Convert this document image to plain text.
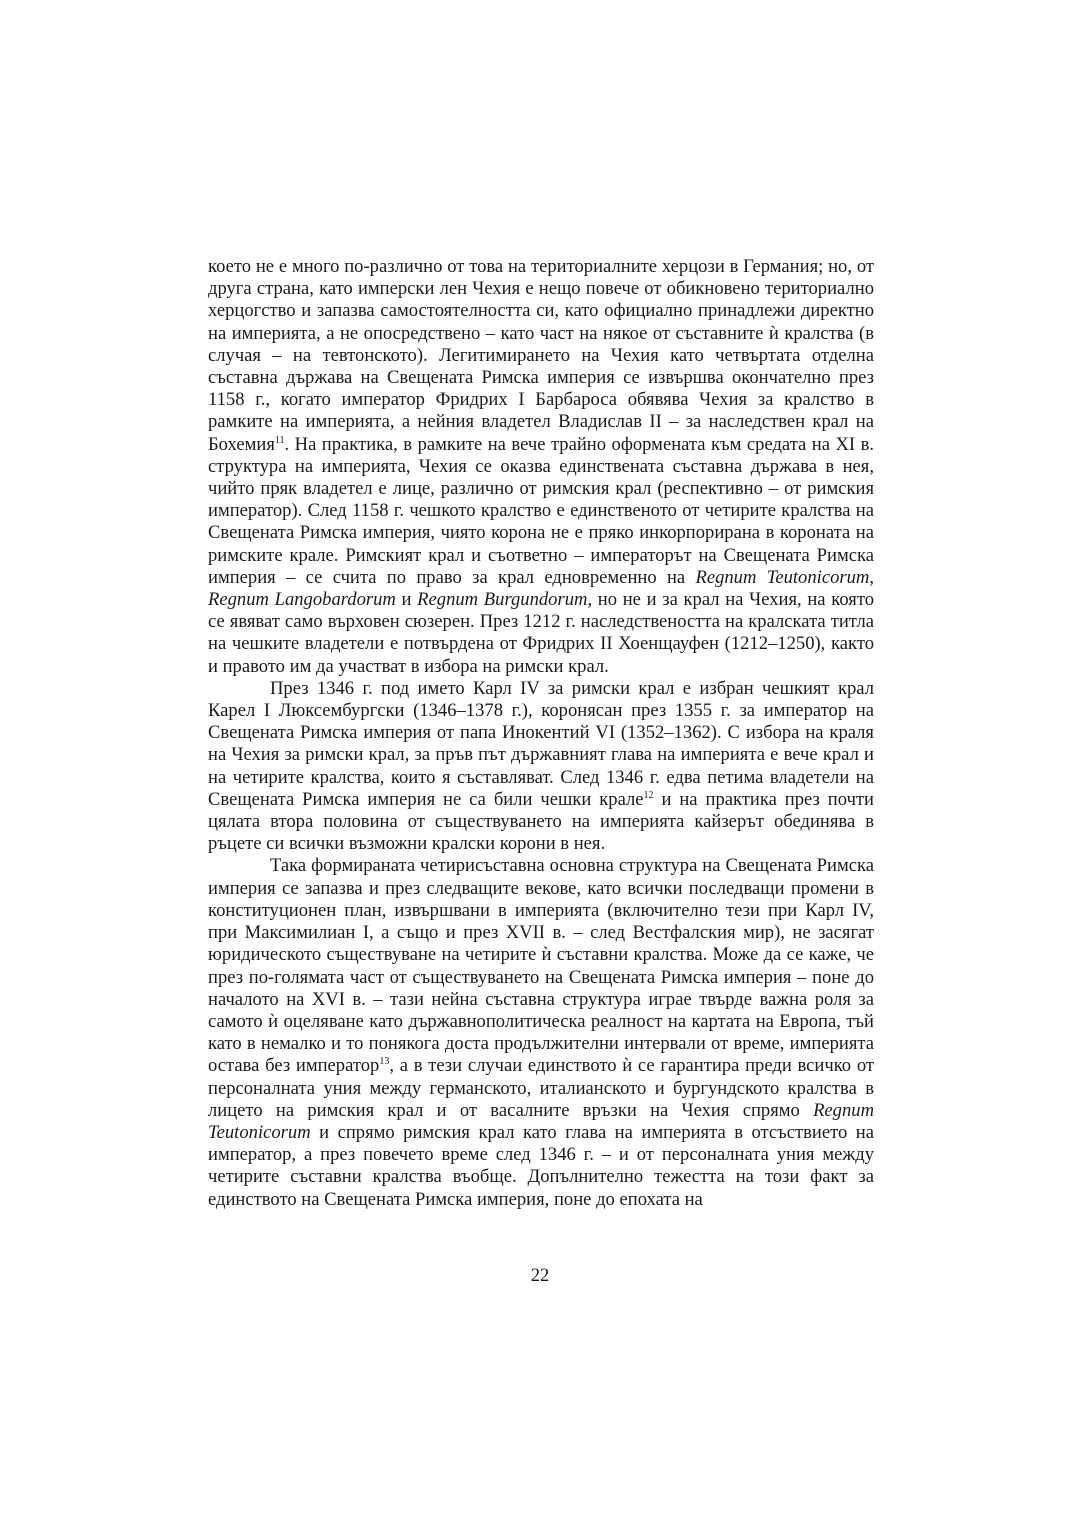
което не е много по-различно от това на териториалните херцози в Германия; но, от друга страна, като имперски лен Чехия е нещо повече от обикновено териториално херцогство и запазва самостоятелността си, като официално принадлежи директно на империята, а не опосредствено – като част на някое от съставните ѝ кралства (в случая – на тевтонското). Легитимирането на Чехия като четвъртата отделна съставна държава на Свещената Римска империя се извършва окончателно през 1158 г., когато император Фридрих I Барбароса обявява Чехия за кралство в рамките на империята, а нейния владетел Владислав II – за наследствен крал на Бохемия$^{11}$. На практика, в рамките на вече трайно оформената към средата на XI в. структура на империята, Чехия се оказва единствената съставна държава в нея, чийто пряк владетел е лице, различно от римския крал (респективно – от римския император). След 1158 г. чешкото кралство е единственото от четирите кралства на Свещената Римска империя, чиято корона не е пряко инкорпорирана в короната на римските крале. Римският крал и съответно – императорът на Свещената Римска империя – се счита по право за крал едновременно на Regnum Teutonicorum, Regnum Langobardorum и Regnum Burgundorum, но не и за крал на Чехия, на която се явяват само върховен сюзерен. През 1212 г. наследствеността на кралската титла на чешките владетели е потвърдена от Фридрих II Хоенщауфен (1212–1250), както и правото им да участват в избора на римски крал.

През 1346 г. под името Карл IV за римски крал е избран чешкият крал Карел I Люксембургски (1346–1378 г.), коронясан през 1355 г. за император на Свещената Римска империя от папа Инокентий VI (1352–1362). С избора на краля на Чехия за римски крал, за пръв път държавният глава на империята е вече крал и на четирите кралства, които я съставляват. След 1346 г. едва петима владетели на Свещената Римска империя не са били чешки крале$^{12}$ и на практика през почти цялата втора половина от съществуването на империята кайзерът обединява в ръцете си всички възможни кралски корони в нея.

Така формираната четирисъставна основна структура на Свещената Римска империя се запазва и през следващите векове, като всички последващи промени в конституционен план, извършвани в империята (включително тези при Карл IV, при Максимилиан I, а също и през XVII в. – след Вестфалския мир), не засягат юридическото съществуване на четирите ѝ съставни кралства. Може да се каже, че през по-голямата част от съществуването на Свещената Римска империя – поне до началото на XVI в. – тази нейна съставна структура играе твърде важна роля за самото ѝ оцеляване като държавнополитическа реалност на картата на Европа, тъй като в немалко и то понякога доста продължителни интервали от време, империята остава без император$^{13}$, а в тези случаи единството ѝ се гарантира преди всичко от персоналната уния между германското, италианското и бургундското кралства в лицето на римския крал и от васалните връзки на Чехия спрямо Regnum Teutonicorum и спрямо римския крал като глава на империята в отсъствието на император, а през повечето време след 1346 г. – и от персоналната уния между четирите съставни кралства въобще. Допълнително тежестта на този факт за единството на Свещената Римска империя, поне до епохата на

22
